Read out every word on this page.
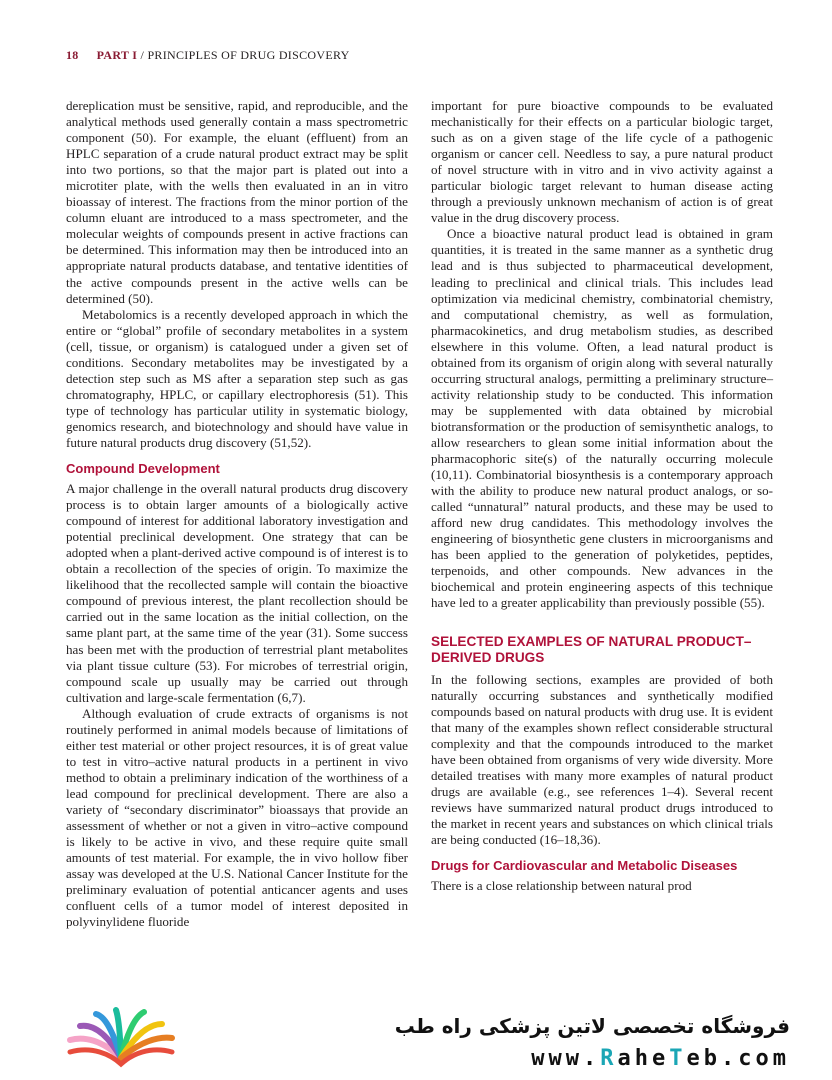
18 PART I / PRINCIPLES OF DRUG DISCOVERY

dereplication must be sensitive, rapid, and reproducible, and the analytical methods used generally contain a mass spectrometric component (50). For example, the eluant (effluent) from an HPLC separation of a crude natural product extract may be split into two portions, so that the major part is plated out into a microtiter plate, with the wells then evaluated in an in vitro bioassay of interest. The fractions from the minor portion of the column eluant are introduced to a mass spectrometer, and the molecular weights of compounds present in active fractions can be determined. This information may then be introduced into an appropriate natural products database, and tentative identities of the active compounds present in the active wells can be determined (50).

Metabolomics is a recently developed approach in which the entire or “global” profile of secondary metabolites in a system (cell, tissue, or organism) is catalogued under a given set of conditions. Secondary metabolites may be investigated by a detection step such as MS after a separation step such as gas chromatography, HPLC, or capillary electrophoresis (51). This type of technology has particular utility in systematic biology, genomics research, and biotechnology and should have value in future natural products drug discovery (51,52).

Compound Development

A major challenge in the overall natural products drug discovery process is to obtain larger amounts of a biologically active compound of interest for additional laboratory investigation and potential preclinical development. One strategy that can be adopted when a plant-derived active compound is of interest is to obtain a recollection of the species of origin. To maximize the likelihood that the recollected sample will contain the bioactive compound of previous interest, the plant recollection should be carried out in the same location as the initial collection, on the same plant part, at the same time of the year (31). Some success has been met with the production of terrestrial plant metabolites via plant tissue culture (53). For microbes of terrestrial origin, compound scale up usually may be carried out through cultivation and large-scale fermentation (6,7).

Although evaluation of crude extracts of organisms is not routinely performed in animal models because of limitations of either test material or other project resources, it is of great value to test in vitro–active natural products in a pertinent in vivo method to obtain a preliminary indication of the worthiness of a lead compound for preclinical development. There are also a variety of “secondary discriminator” bioassays that provide an assessment of whether or not a given in vitro–active compound is likely to be active in vivo, and these require quite small amounts of test material. For example, the in vivo hollow fiber assay was developed at the U.S. National Cancer Institute for the preliminary evaluation of potential anticancer agents and uses confluent cells of a tumor model of interest deposited in polyvinylidene fluoride

important for pure bioactive compounds to be evaluated mechanistically for their effects on a particular biologic target, such as on a given stage of the life cycle of a pathogenic organism or cancer cell. Needless to say, a pure natural product of novel structure with in vitro and in vivo activity against a particular biologic target relevant to human disease acting through a previously unknown mechanism of action is of great value in the drug discovery process.

Once a bioactive natural product lead is obtained in gram quantities, it is treated in the same manner as a synthetic drug lead and is thus subjected to pharmaceutical development, leading to preclinical and clinical trials. This includes lead optimization via medicinal chemistry, combinatorial chemistry, and computational chemistry, as well as formulation, pharmacokinetics, and drug metabolism studies, as described elsewhere in this volume. Often, a lead natural product is obtained from its organism of origin along with several naturally occurring structural analogs, permitting a preliminary structure–activity relationship study to be conducted. This information may be supplemented with data obtained by microbial biotransformation or the production of semisynthetic analogs, to allow researchers to glean some initial information about the pharmacophoric site(s) of the naturally occurring molecule (10,11). Combinatorial biosynthesis is a contemporary approach with the ability to produce new natural product analogs, or so-called “unnatural” natural products, and these may be used to afford new drug candidates. This methodology involves the engineering of biosynthetic gene clusters in microorganisms and has been applied to the generation of polyketides, peptides, terpenoids, and other compounds. New advances in the biochemical and protein engineering aspects of this technique have led to a greater applicability than previously possible (55).

SELECTED EXAMPLES OF NATURAL PRODUCT–DERIVED DRUGS

In the following sections, examples are provided of both naturally occurring substances and synthetically modified compounds based on natural products with drug use. It is evident that many of the examples shown reflect considerable structural complexity and that the compounds introduced to the market have been obtained from organisms of very wide diversity. More detailed treatises with many more examples of natural product drugs are available (e.g., see references 1–4). Several recent reviews have summarized natural product drugs introduced to the market in recent years and substances on which clinical trials are being conducted (16–18,36).

Drugs for Cardiovascular and Metabolic Diseases

There is a close relationship between natural prod

فروشگاه تخصصی لاتین پزشکی راه طب
www.RaheTeb.com
